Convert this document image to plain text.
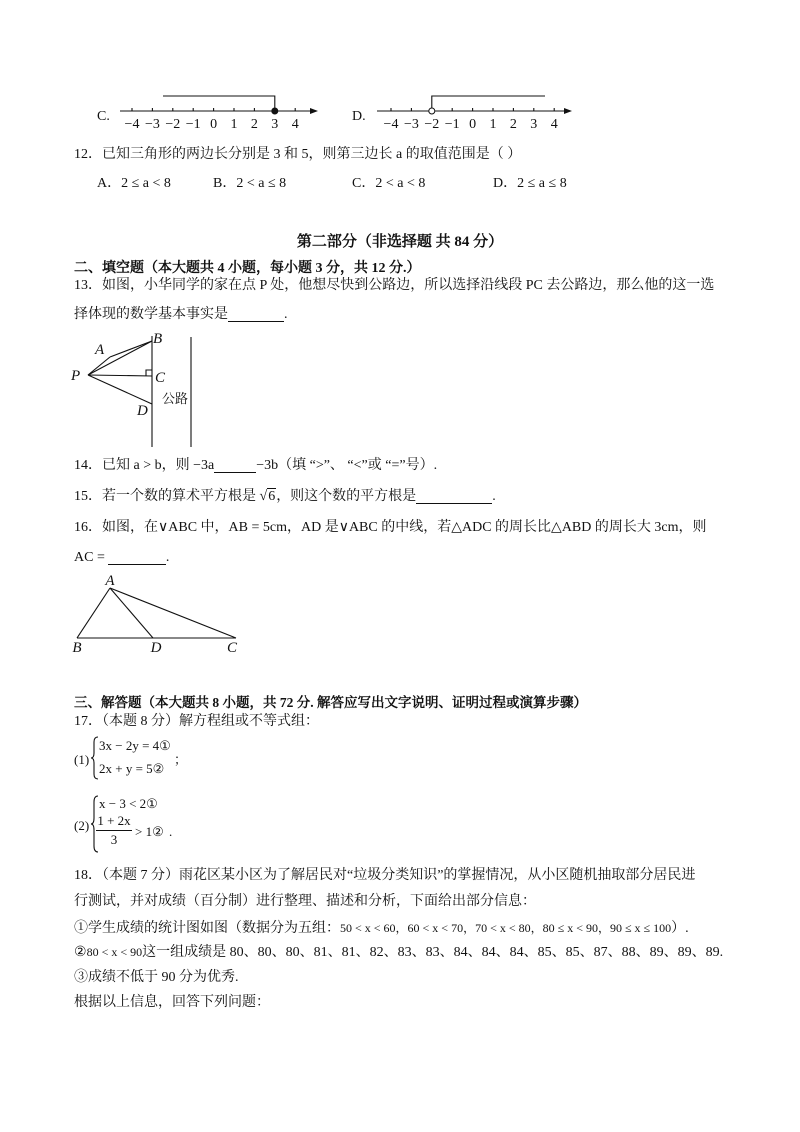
C.
−4 −3 −2 −1 0 1 2 3 4
D.
−4 −3 −2 −1 0 1 2 3 4
12．已知三角形的两边长分别是 3 和 5，则第三边长 a 的取值范围是（ ）
A．2 ≤ a < 8	B．2 < a ≤ 8	C．2 < a < 8	D．2 ≤ a ≤ 8
第二部分（非选择题 共 84 分）
二、填空题（本大题共 4 小题，每小题 3 分，共 12 分.）
13．如图，小华同学的家在点 P 处，他想尽快到公路边，所以选择沿线段 PC 去公路边，那么他的这一选
择体现的数学基本事实是	.
A
B
P	C
D
公路
14．已知 a > b，则 −3a	−3b（填 “>”、 “<”或 “=”号）.
15．若一个数的算术平方根是 √6，则这个数的平方根是	.
16．如图，在∨ABC 中，AB = 5cm，AD 是∨ABC 的中线，若△ADC 的周长比△ABD 的周长大 3cm，则
AC =	.
A
B	D	C
三、解答题（本大题共 8 小题，共 72 分. 解答应写出文字说明、证明过程或演算步骤）
17．（本题 8 分）解方程组或不等式组：
(1)
3x − 2y = 4①
2x + y = 5②
；
(2)
x − 3 < 2①
$\frac{1 + 2x}{3}$ > 1② .
18．（本题 7 分）雨花区某小区为了解居民对“垃圾分类知识”的掌握情况，从小区随机抽取部分居民进
行测试，并对成绩（百分制）进行整理、描述和分析，下面给出部分信息：
①学生成绩的统计图如图（数据分为五组：50 < x < 60，60 < x < 70，70 < x < 80，80 ≤ x < 90，90 ≤ x ≤ 100）.
②80 < x < 90这一组成绩是 80、80、80、81、81、82、83、83、84、84、84、85、85、87、88、89、89、89.
③成绩不低于 90 分为优秀.
根据以上信息，回答下列问题：
